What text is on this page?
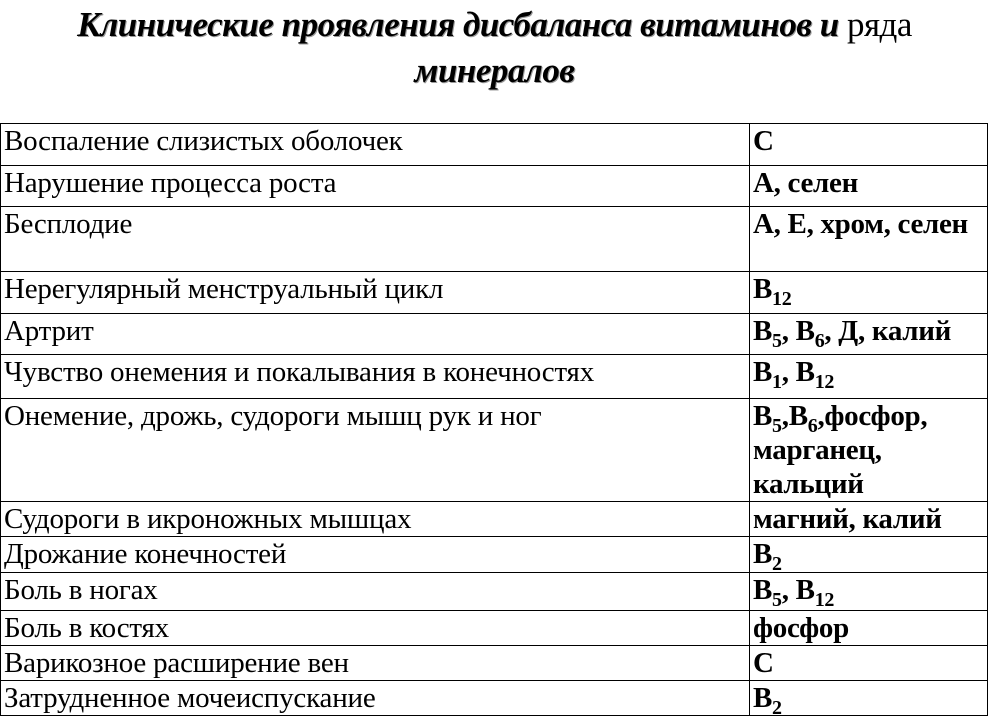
Клинические проявления дисбаланса витаминов и ряда
минералов
Воспаление слизистых оболочек	С
Нарушение процесса роста	А, селен
Бесплодие	А, Е, хром, селен
Нерегулярный менструальный цикл	$В_{12}$
Артрит	$В_5$, $В_6$, Д, калий
Чувство онемения и покалывания в конечностях	$В_1$, $В_{12}$
Онемение, дрожь, судороги мышц рук и ног	$В_5,В_6,фосфор$, марганец, кальций
Судороги в икроножных мышцах	магний, калий
Дрожание конечностей	$В_2$
Боль в ногах	$В_5$, $В_{12}$
Боль в костях	фосфор
Варикозное расширение вен	С
Затрудненное мочеиспускание	$В_2$
